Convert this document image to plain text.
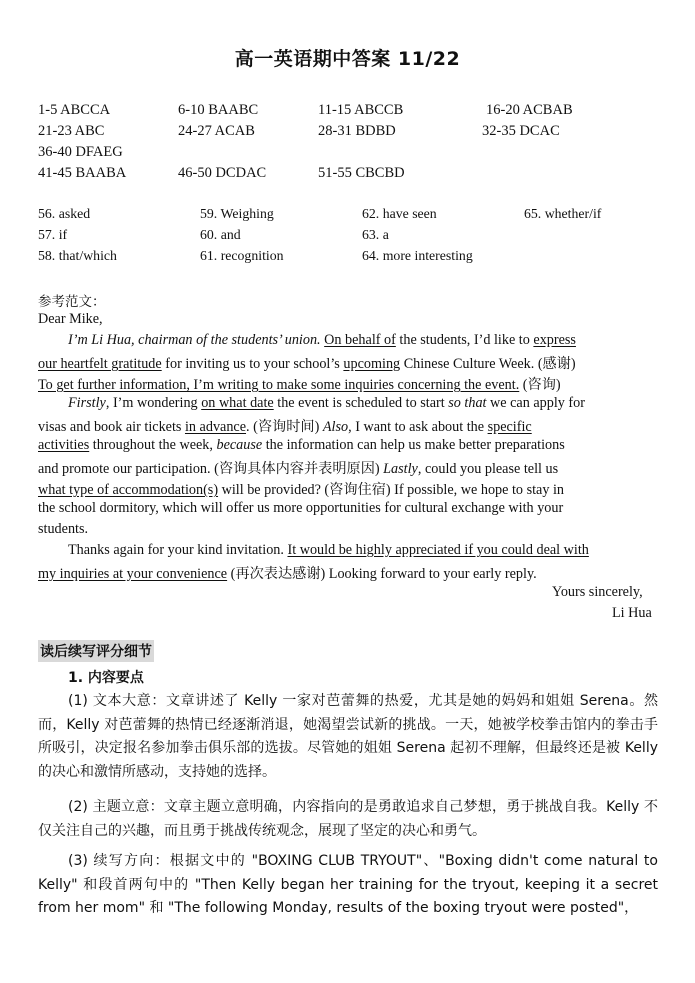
高一英语期中答案 11/22
1-5 ABCCA	6-10 BAABC	11-15 ABCCB	16-20 ACBAB
21-23 ABC	24-27 ACAB	28-31 BDBD	32-35 DCAC
36-40 DFAEG
41-45 BAABA	46-50 DCDAC	51-55 CBCBD
56. asked	59. Weighing	62. have seen	65. whether/if
57. if	60. and	63. a
58. that/which	61. recognition	64. more interesting
参考范文：
Dear Mike,
I’m Li Hua, chairman of the students’ union. On behalf of the students, I’d like to express
our heartfelt gratitude for inviting us to your school’s upcoming Chinese Culture Week. (感谢)
To get further information, I’m writing to make some inquiries concerning the event. (咨询)
Firstly, I’m wondering on what date the event is scheduled to start so that we can apply for
visas and book air tickets in advance. (咨询时间) Also, I want to ask about the specific
activities throughout the week, because the information can help us make better preparations
and promote our participation. (咨询具体内容并表明原因) Lastly, could you please tell us
what type of accommodation(s) will be provided? (咨询住宿) If possible, we hope to stay in
the school dormitory, which will offer us more opportunities for cultural exchange with your
students.
Thanks again for your kind invitation. It would be highly appreciated if you could deal with
my inquiries at your convenience (再次表达感谢) Looking forward to your early reply.
Yours sincerely,
Li Hua
读后续写评分细节
1. 内容要点
(1) 文本大意：文章讲述了 Kelly 一家对芭蕾舞的热爱，尤其是她的妈妈和姐姐 Serena。然而，Kelly 对芭蕾舞的热情已经逐渐消退，她渴望尝试新的挑战。一天，她被学校拳击馆内的拳击手所吸引，决定报名参加拳击俱乐部的选拔。尽管她的姐姐 Serena 起初不理解，但最终还是被 Kelly 的决心和激情所感动，支持她的选择。
(2) 主题立意：文章主题立意明确，内容指向的是勇敢追求自己梦想，勇于挑战自我。Kelly 不仅关注自己的兴趣，而且勇于挑战传统观念，展现了坚定的决心和勇气。
(3) 续写方向：根据文中的 "BOXING CLUB TRYOUT"、"Boxing didn't come natural to Kelly" 和段首两句中的 "Then Kelly began her training for the tryout, keeping it a secret from her mom" 和 "The following Monday, results of the boxing tryout were posted"，
